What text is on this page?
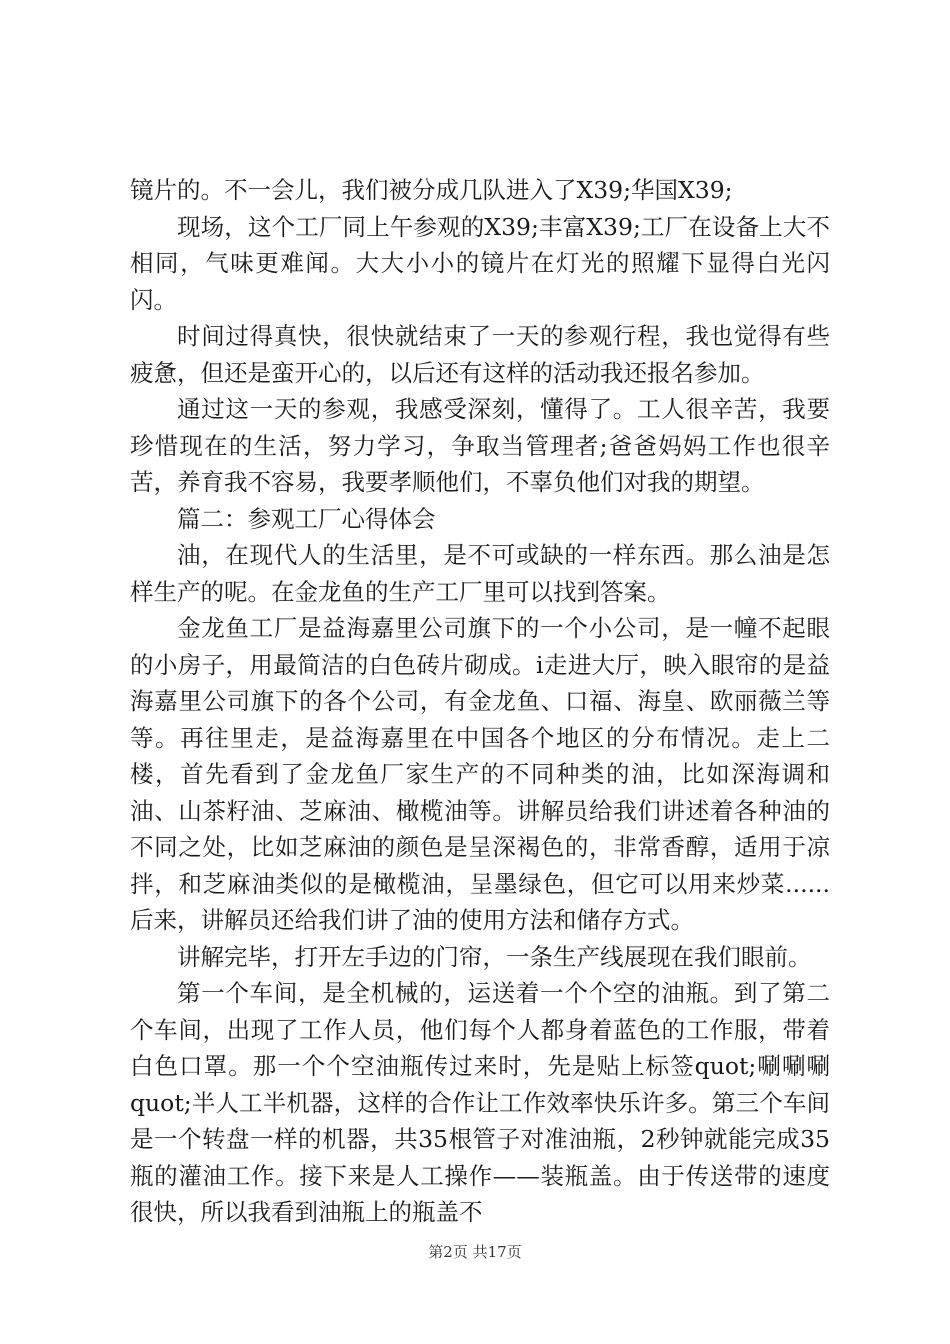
镜片的。不一会儿，我们被分成几队进入了X39;华国X39;

现场，这个工厂同上午参观的X39;丰富X39;工厂在设备上大不相同，气味更难闻。大大小小的镜片在灯光的照耀下显得白光闪闪。

时间过得真快，很快就结束了一天的参观行程，我也觉得有些疲惫，但还是蛮开心的，以后还有这样的活动我还报名参加。

通过这一天的参观，我感受深刻，懂得了。工人很辛苦，我要珍惜现在的生活，努力学习，争取当管理者;爸爸妈妈工作也很辛苦，养育我不容易，我要孝顺他们，不辜负他们对我的期望。

篇二：参观工厂心得体会

油，在现代人的生活里，是不可或缺的一样东西。那么油是怎样生产的呢。在金龙鱼的生产工厂里可以找到答案。

金龙鱼工厂是益海嘉里公司旗下的一个小公司，是一幢不起眼的小房子，用最简洁的白色砖片砌成。i走进大厅，映入眼帘的是益海嘉里公司旗下的各个公司，有金龙鱼、口福、海皇、欧丽薇兰等等。再往里走，是益海嘉里在中国各个地区的分布情况。走上二楼，首先看到了金龙鱼厂家生产的不同种类的油，比如深海调和油、山茶籽油、芝麻油、橄榄油等。讲解员给我们讲述着各种油的不同之处，比如芝麻油的颜色是呈深褐色的，非常香醇，适用于凉拌，和芝麻油类似的是橄榄油，呈墨绿色，但它可以用来炒菜......后来，讲解员还给我们讲了油的使用方法和储存方式。

讲解完毕，打开左手边的门帘，一条生产线展现在我们眼前。

第一个车间，是全机械的，运送着一个个空的油瓶。到了第二个车间，出现了工作人员，他们每个人都身着蓝色的工作服，带着白色口罩。那一个个空油瓶传过来时，先是贴上标签quot;唰唰唰quot;半人工半机器，这样的合作让工作效率快乐许多。第三个车间是一个转盘一样的机器，共35根管子对准油瓶，2秒钟就能完成35瓶的灌油工作。接下来是人工操作——装瓶盖。由于传送带的速度很快，所以我看到油瓶上的瓶盖不

第2页 共17页
